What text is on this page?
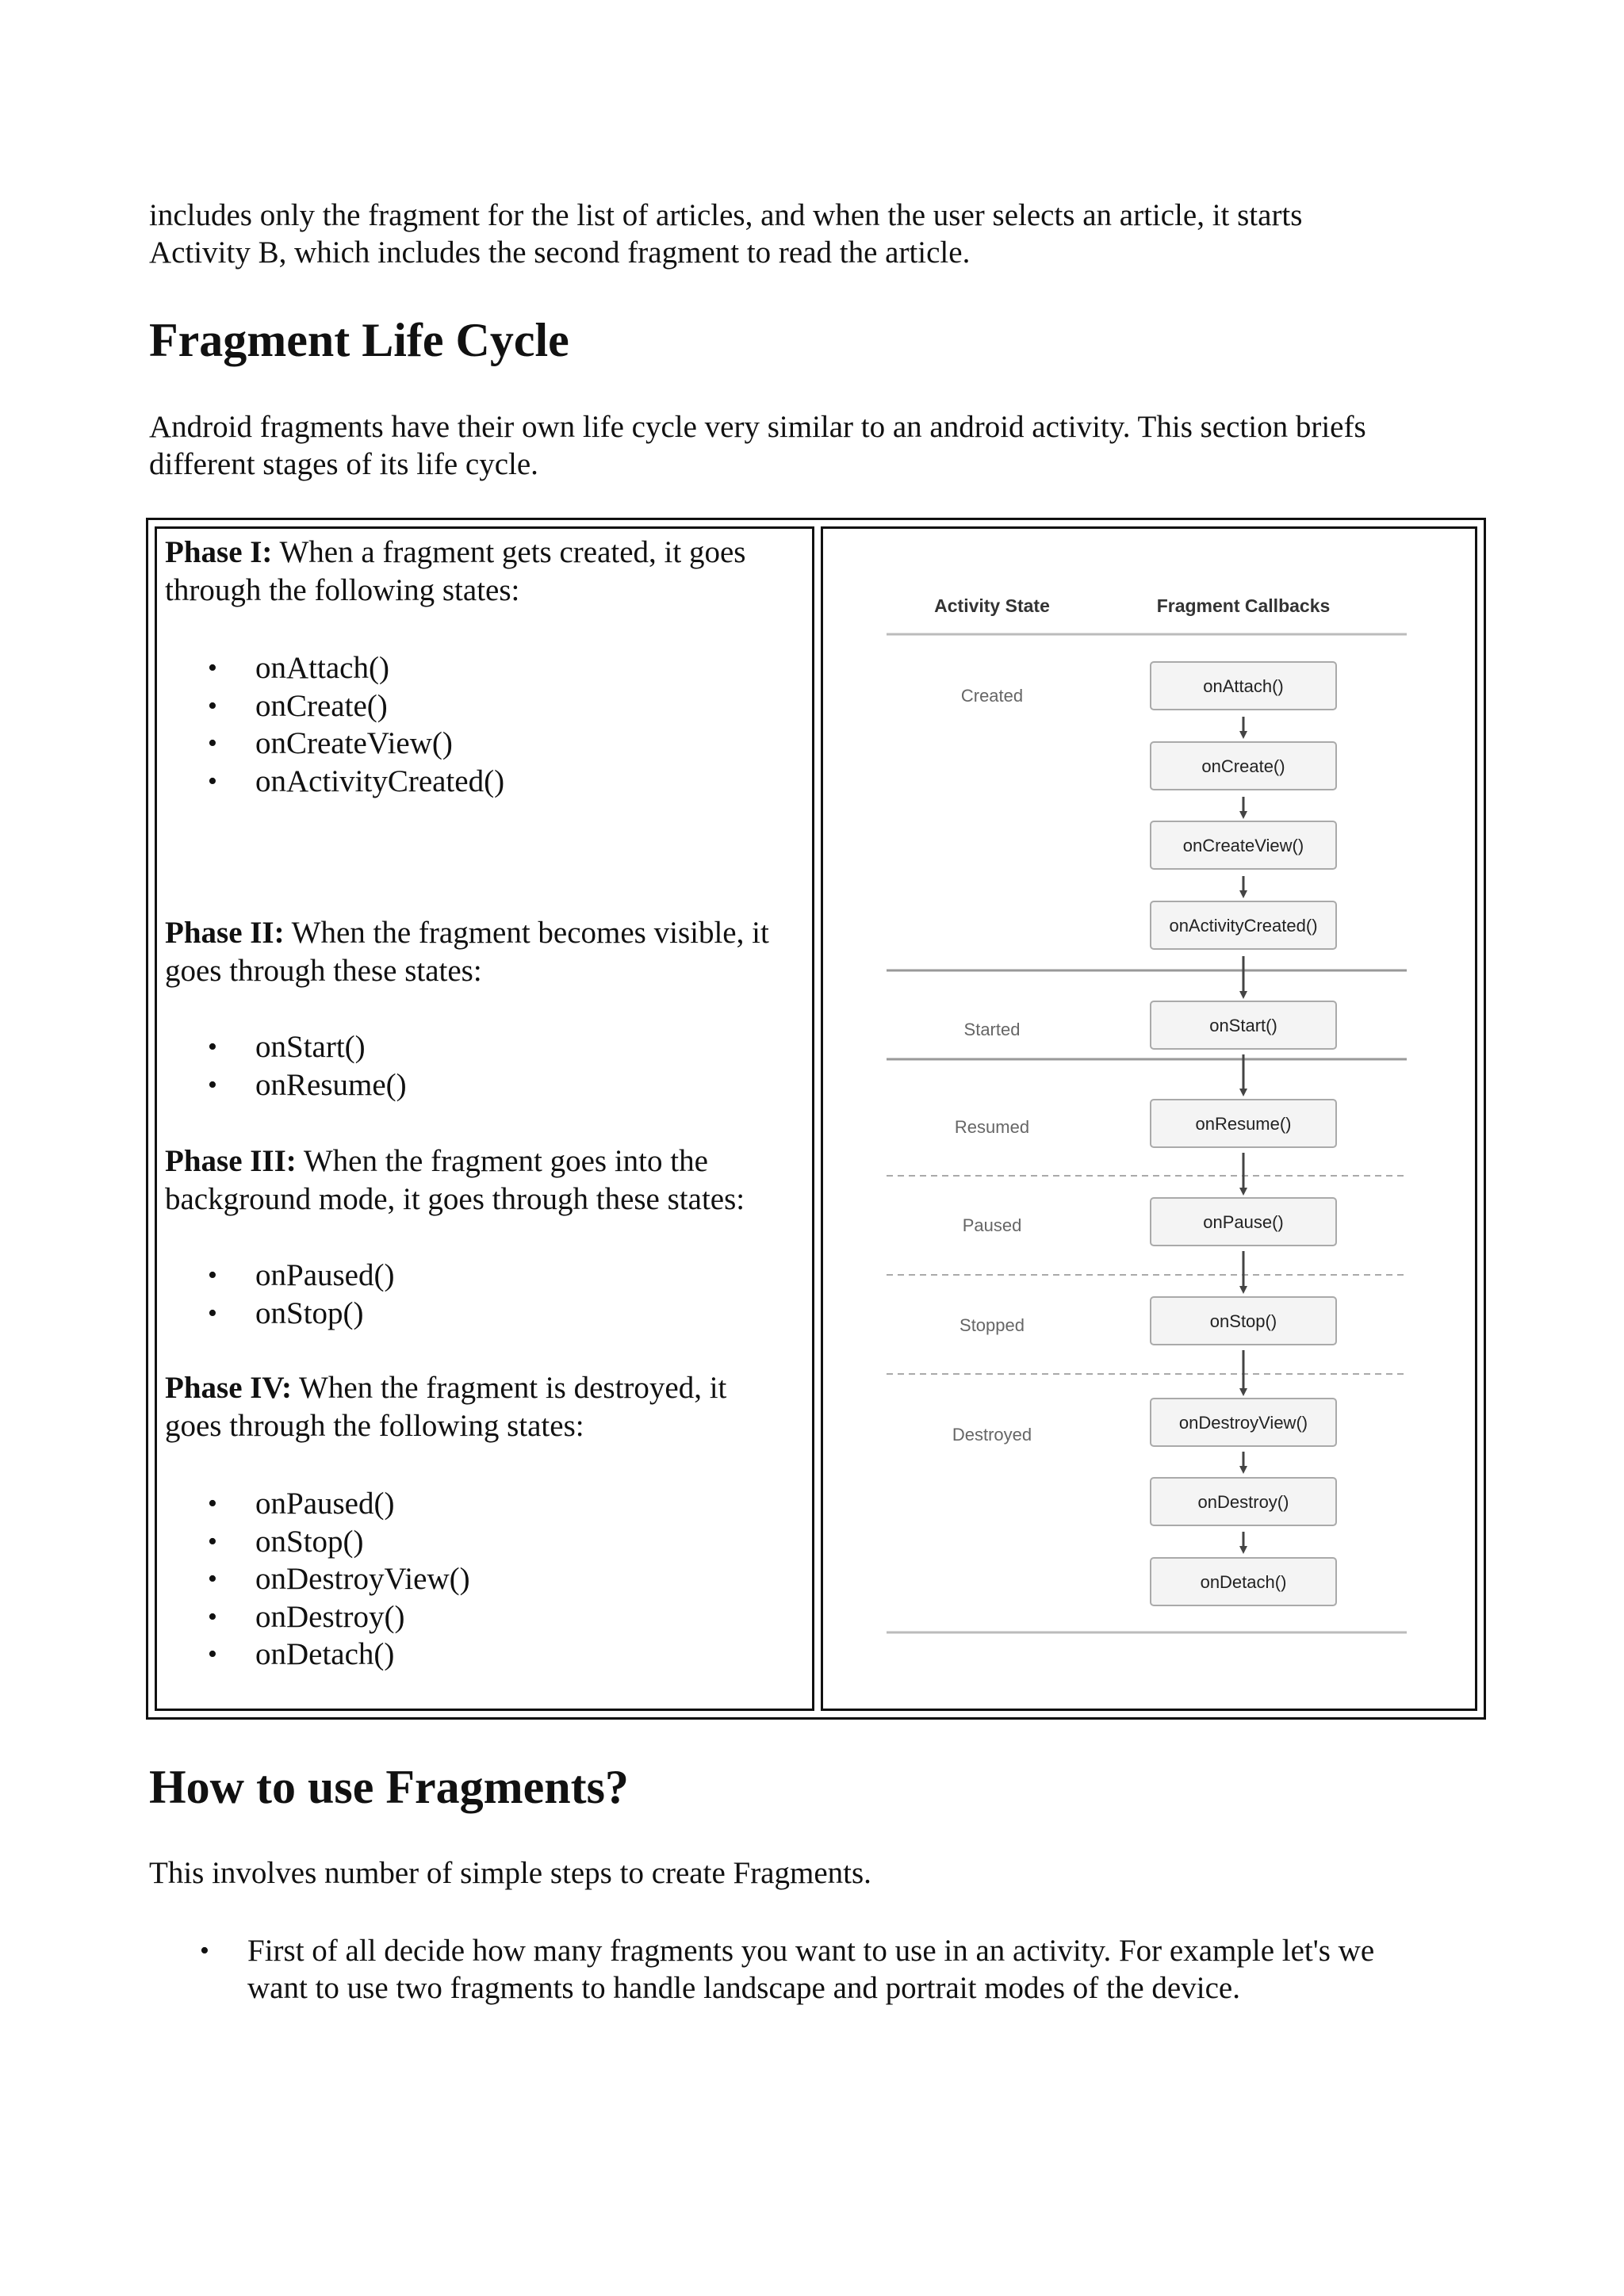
includes only the fragment for the list of articles, and when the user selects an article, it starts
Activity B, which includes the second fragment to read the article.

Fragment Life Cycle

Android fragments have their own life cycle very similar to an android activity. This section briefs
different stages of its life cycle.

Phase I: When a fragment gets created, it goes
through the following states:

• onAttach()
• onCreate()
• onCreateView()
• onActivityCreated()

Phase II: When the fragment becomes visible, it
goes through these states:

• onStart()
• onResume()

Phase III: When the fragment goes into the
background mode, it goes through these states:

• onPaused()
• onStop()

Phase IV: When the fragment is destroyed, it
goes through the following states:

• onPaused()
• onStop()
• onDestroyView()
• onDestroy()
• onDetach()
Activity State	Fragment Callbacks
Created
Started
Resumed
Paused
Stopped
Destroyed
onAttach()
onCreate()
onCreateView()
onActivityCreated()
onStart()
onResume()
onPause()
onStop()
onDestroyView()
onDestroy()
onDetach()
How to use Fragments?

This involves number of simple steps to create Fragments.

• First of all decide how many fragments you want to use in an activity. For example let's we
want to use two fragments to handle landscape and portrait modes of the device.
